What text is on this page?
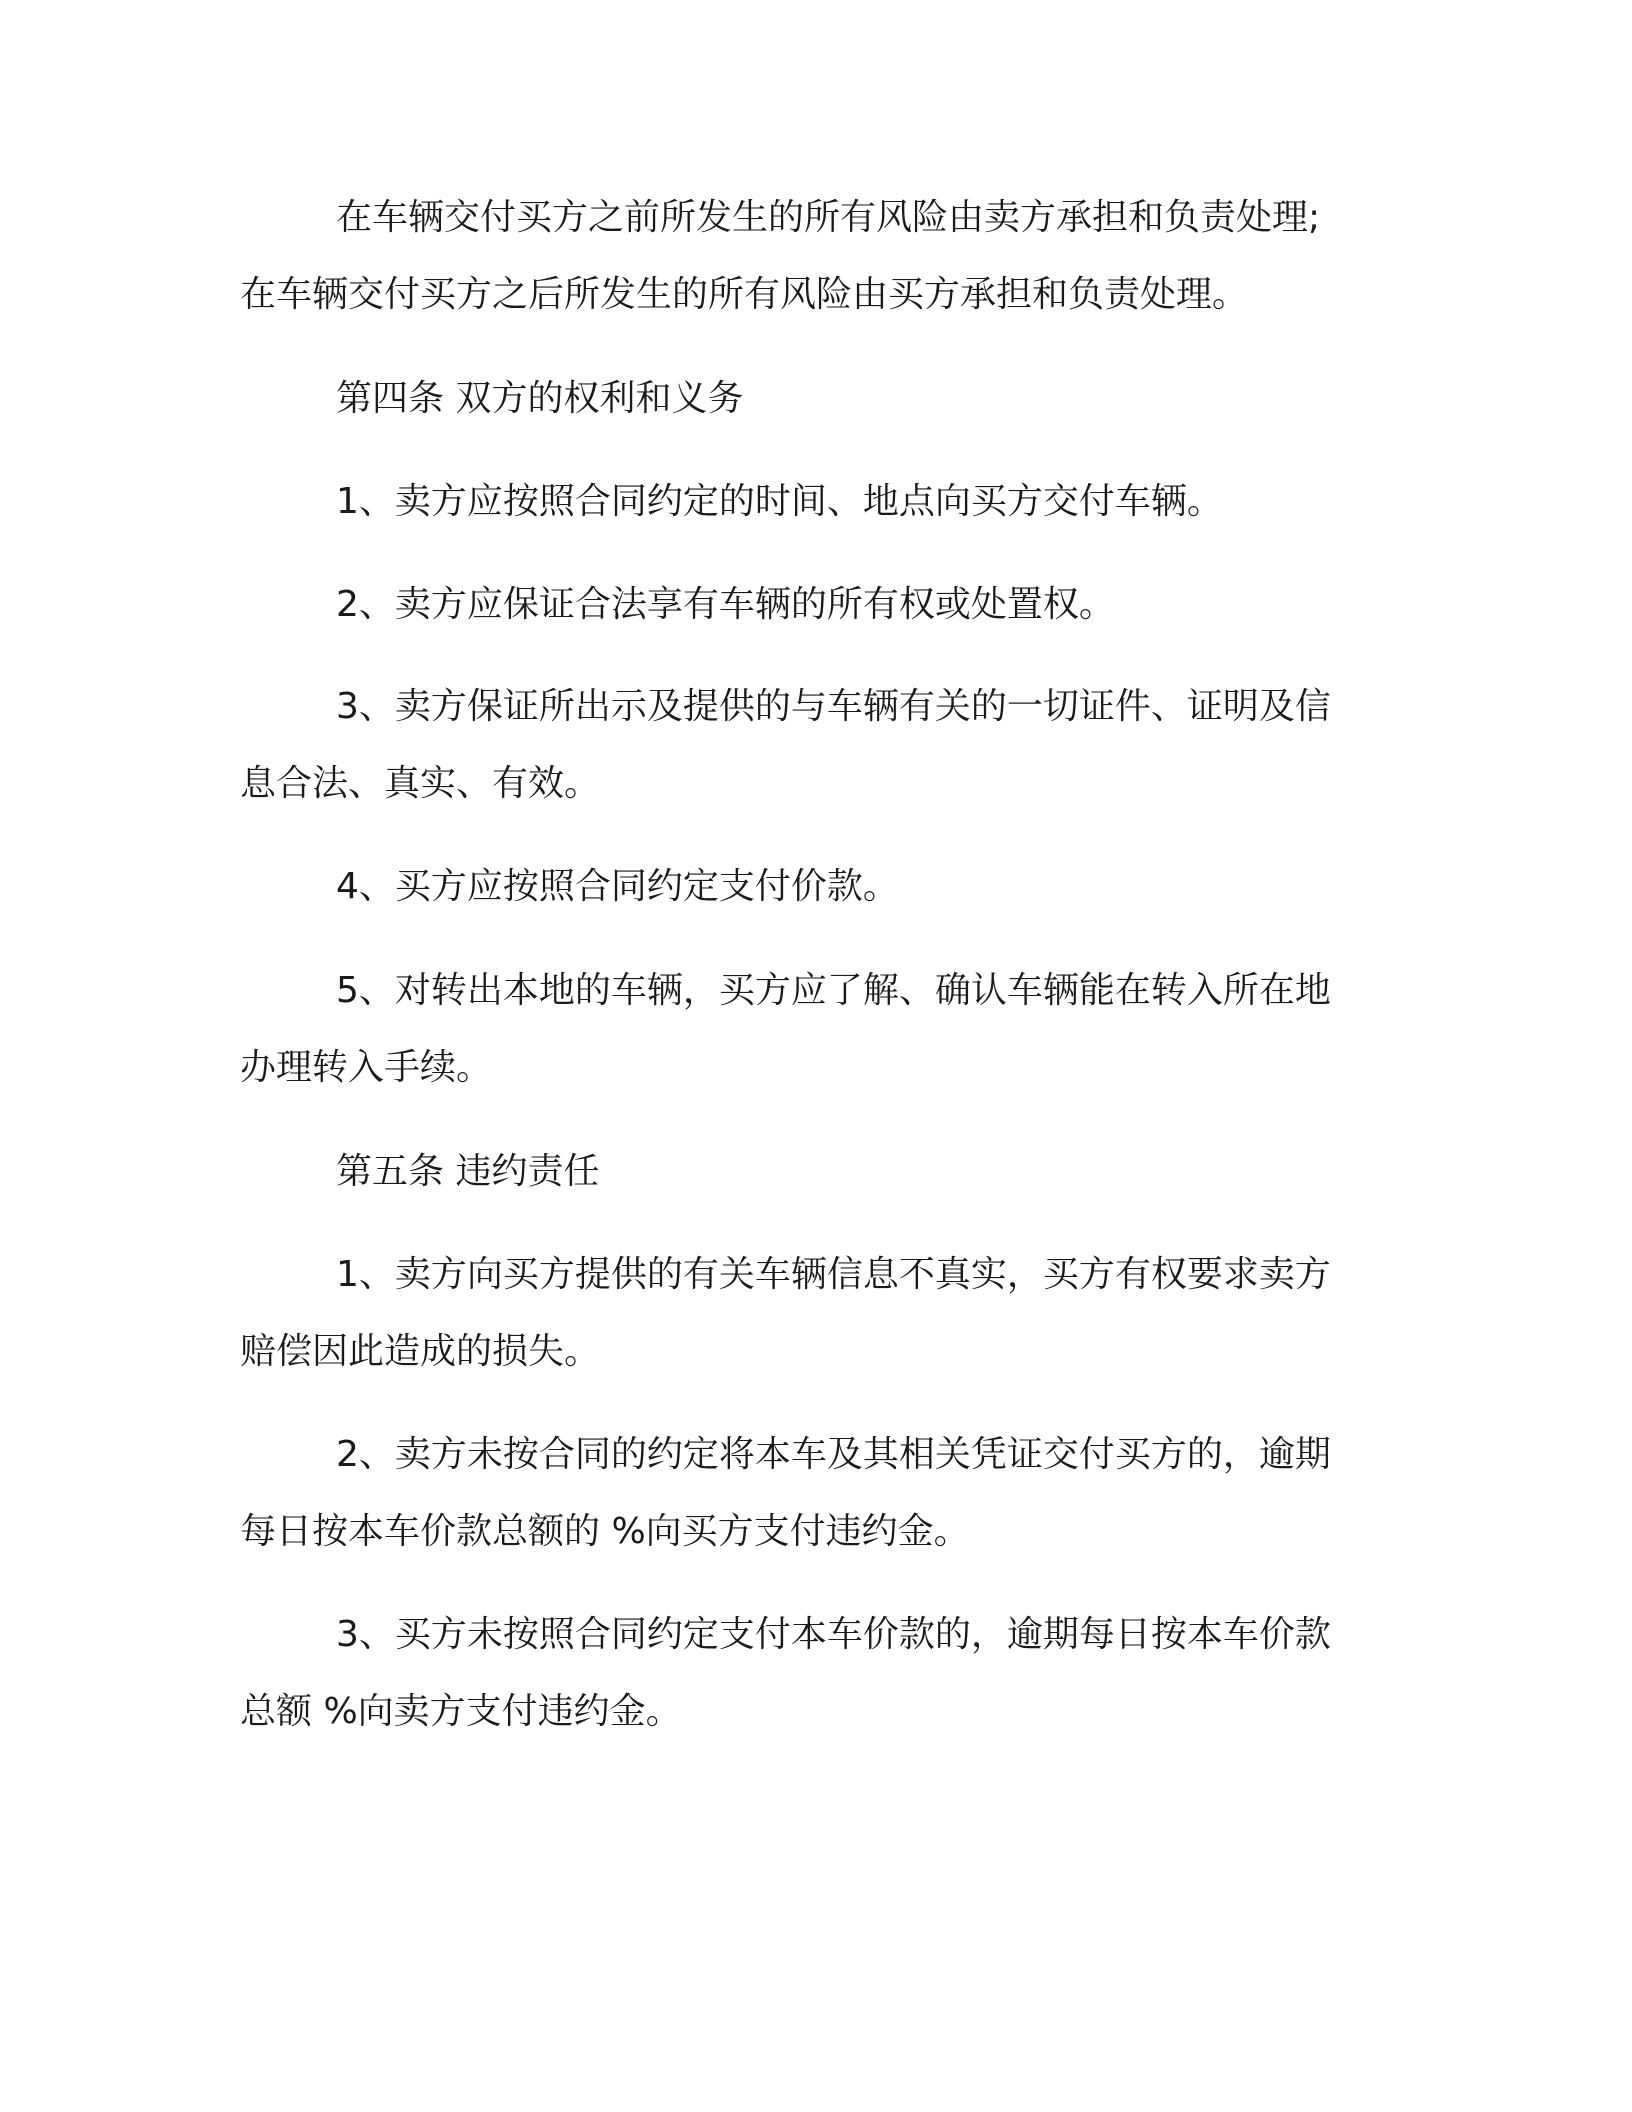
在车辆交付买方之前所发生的所有风险由卖方承担和负责处理;
在车辆交付买方之后所发生的所有风险由买方承担和负责处理。
第四条 双方的权利和义务
1、卖方应按照合同约定的时间、地点向买方交付车辆。
2、卖方应保证合法享有车辆的所有权或处置权。
3、卖方保证所出示及提供的与车辆有关的一切证件、证明及信
息合法、真实、有效。
4、买方应按照合同约定支付价款。
5、对转出本地的车辆，买方应了解、确认车辆能在转入所在地
办理转入手续。
第五条 违约责任
1、卖方向买方提供的有关车辆信息不真实，买方有权要求卖方
赔偿因此造成的损失。
2、卖方未按合同的约定将本车及其相关凭证交付买方的，逾期
每日按本车价款总额的 %向买方支付违约金。
3、买方未按照合同约定支付本车价款的，逾期每日按本车价款
总额 %向卖方支付违约金。
